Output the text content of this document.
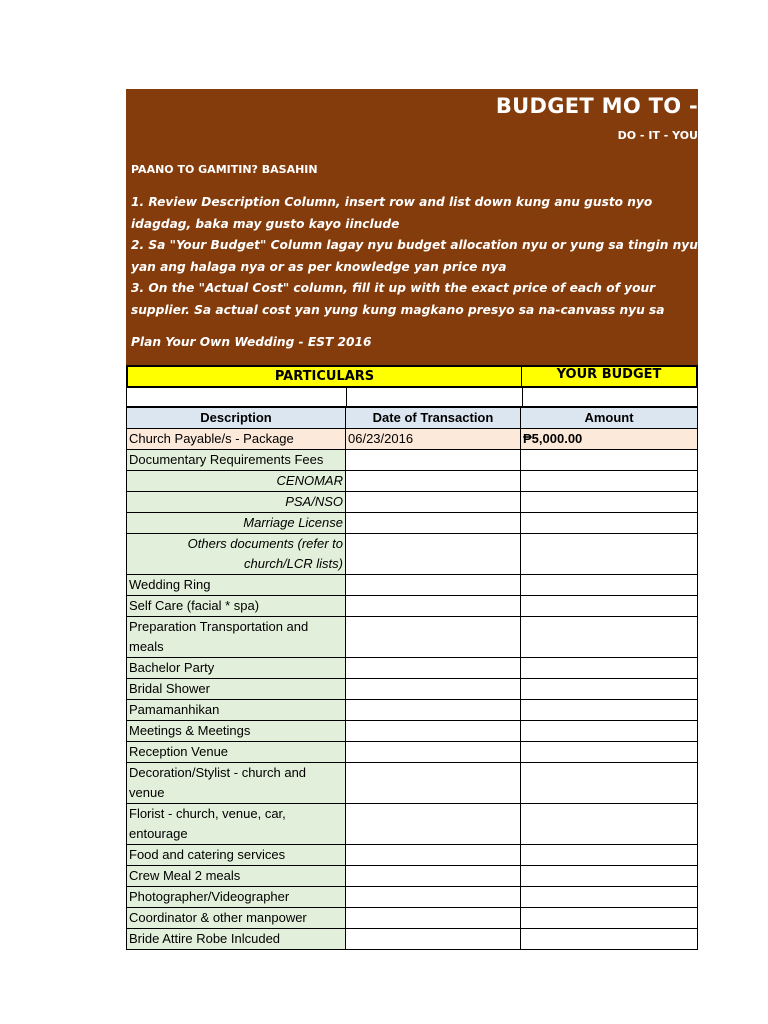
BUDGET MO TO -
DO - IT - YOU
PAANO TO GAMITIN? BASAHIN
1. Review Description Column, insert row and list down kung anu gusto nyo
idagdag, baka may gusto kayo iinclude
2. Sa "Your Budget" Column lagay nyu budget allocation nyu or yung sa tingin nyu
yan ang halaga nya or as per knowledge yan price nya
3. On the "Actual Cost" column, fill it up with the exact price of each of your
supplier. Sa actual cost yan yung kung magkano presyo sa na-canvass nyu sa
Plan Your Own Wedding - EST 2016
PARTICULARS	YOUR BUDGET
Description	Date of Transaction	Amount
Church Payable/s - Package	06/23/2016	₱5,000.00
Documentary Requirements Fees		
CENOMAR		
PSA/NSO		
Marriage License		
Others documents (refer to church/LCR lists)		
Wedding Ring		
Self Care (facial * spa)		
Preparation Transportation and meals		
Bachelor Party		
Bridal Shower		
Pamamanhikan		
Meetings & Meetings		
Reception Venue		
Decoration/Stylist - church and venue		
Florist - church, venue, car, entourage		
Food and catering services		
Crew Meal 2 meals		
Photographer/Videographer		
Coordinator & other manpower		
Bride Attire Robe Inlcuded		
